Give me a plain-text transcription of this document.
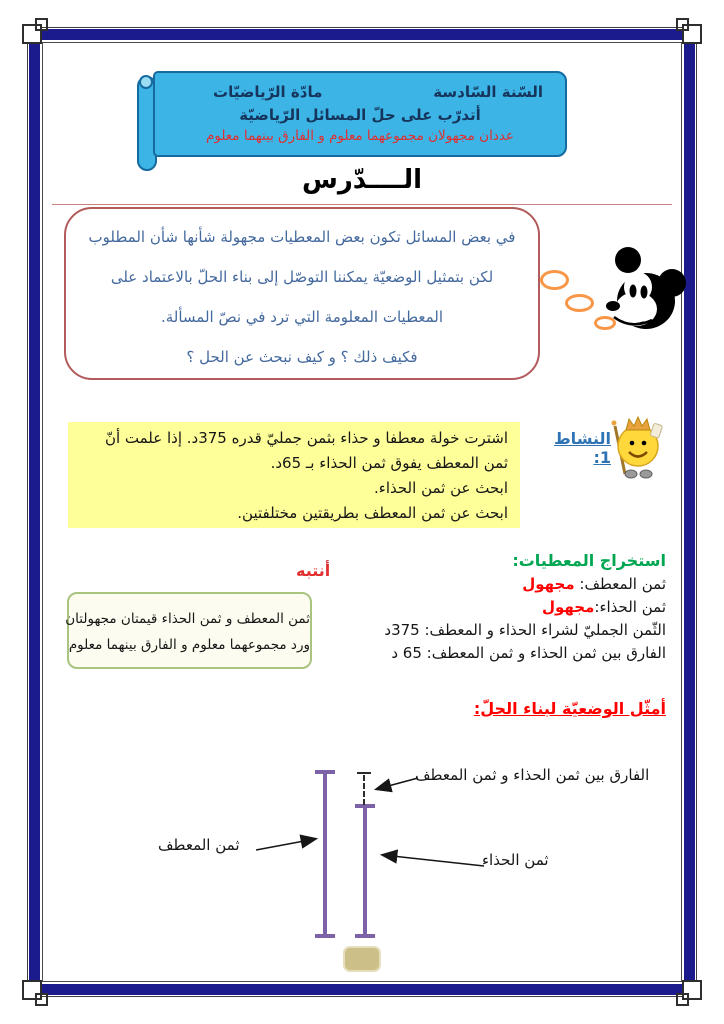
السّنة السّادسة
مادّة الرّياضيّات
أتدرّب على حلّ المسائل الرّياضيّة
عددان مجهولان مجموعهما معلوم و الفارق بينهما معلوم
الــــدّرس
في بعض المسائل تكون بعض المعطيات مجهولة شأنها شأن المطلوب
لكن بتمثيل الوضعيّة يمكننا التوصّل إلى بناء الحلّ بالاعتماد على
المعطيات المعلومة التي ترد في نصّ المسألة.
فكيف ذلك ؟ و كيف نبحث عن الحل ؟
النشاط 1:
اشترت خولة معطفا و حذاء بثمن جمليّ قدره 375د. إذا علمت أنّ
ثمن المعطف يفوق ثمن الحذاء بـ 65د.
ابحث عن ثمن الحذاء.
ابحث عن ثمن المعطف بطريقتين مختلفتين.
استخراج المعطيات:
ثمن المعطف: مجهول
ثمن الحذاء:مجهول
الثّمن الجمليّ لشراء الحذاء و المعطف: 375د
الفارق بين ثمن الحذاء و ثمن المعطف: 65 د
أنتبه
ثمن المعطف و ثمن الحذاء قيمتان مجهولتان
ورد مجموعهما معلوم و الفارق بينهما معلوم
أمثّل الوضعيّة لبناء الحلّ:
الفارق بين ثمن الحذاء و ثمن المعطف
ثمن المعطف
ثمن الحذاء
